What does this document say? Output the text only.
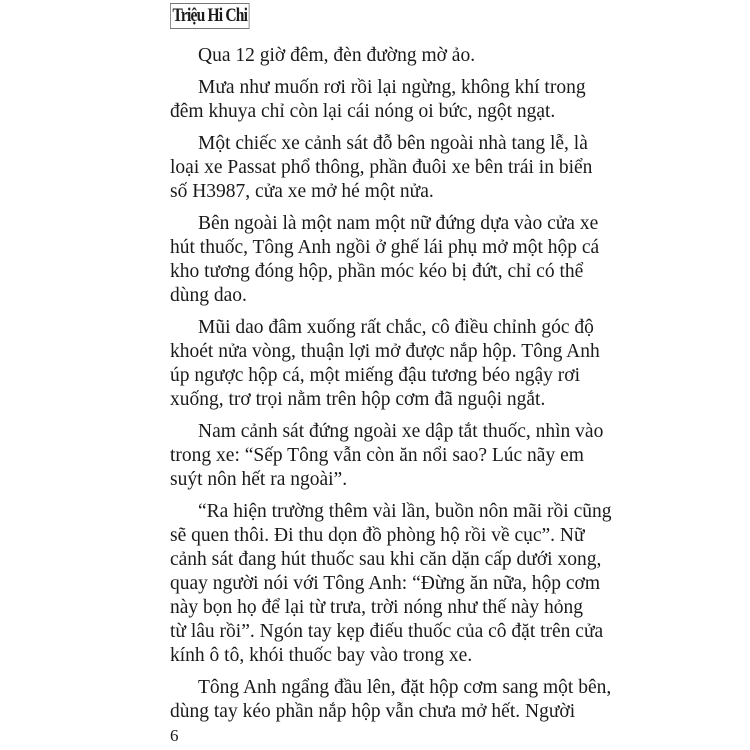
Triệu Hi Chi
Qua 12 giờ đêm, đèn đường mờ ảo.
Mưa như muốn rơi rồi lại ngừng, không khí trong
đêm khuya chỉ còn lại cái nóng oi bức, ngột ngạt.
Một chiếc xe cảnh sát đỗ bên ngoài nhà tang lễ, là
loại xe Passat phổ thông, phần đuôi xe bên trái in biển
số H3987, cửa xe mở hé một nửa.
Bên ngoài là một nam một nữ đứng dựa vào cửa xe
hút thuốc, Tông Anh ngồi ở ghế lái phụ mở một hộp cá
kho tương đóng hộp, phần móc kéo bị đứt, chỉ có thể
dùng dao.
Mũi dao đâm xuống rất chắc, cô điều chỉnh góc độ
khoét nửa vòng, thuận lợi mở được nắp hộp. Tông Anh
úp ngược hộp cá, một miếng đậu tương béo ngậy rơi
xuống, trơ trọi nằm trên hộp cơm đã nguội ngắt.
Nam cảnh sát đứng ngoài xe dập tắt thuốc, nhìn vào
trong xe: “Sếp Tông vẫn còn ăn nổi sao? Lúc nãy em
suýt nôn hết ra ngoài”.
“Ra hiện trường thêm vài lần, buồn nôn mãi rồi cũng
sẽ quen thôi. Đi thu dọn đồ phòng hộ rồi về cục”. Nữ
cảnh sát đang hút thuốc sau khi căn dặn cấp dưới xong,
quay người nói với Tông Anh: “Đừng ăn nữa, hộp cơm
này bọn họ để lại từ trưa, trời nóng như thế này hỏng
từ lâu rồi”. Ngón tay kẹp điếu thuốc của cô đặt trên cửa
kính ô tô, khói thuốc bay vào trong xe.
Tông Anh ngẩng đầu lên, đặt hộp cơm sang một bên,
dùng tay kéo phần nắp hộp vẫn chưa mở hết. Người
6
